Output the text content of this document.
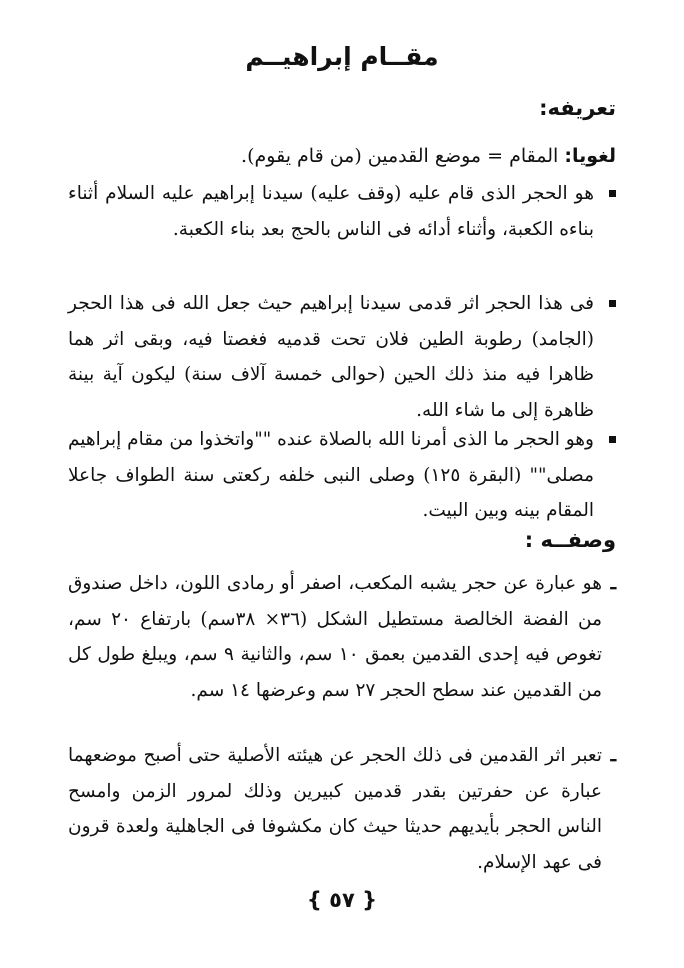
مقــام إبراهيــم
تعريفه:
لغويا: المقام = موضع القدمين (من قام يقوم).
هو الحجر الذى قام عليه (وقف عليه) سيدنا إبراهيم عليه السلام أثناء بناءه الكعبة، وأثناء أدائه فى الناس بالحج بعد بناء الكعبة.
فى هذا الحجر اثر قدمى سيدنا إبراهيم حيث جعل الله فى هذا الحجر (الجامد) رطوبة الطين فلان تحت قدميه فغصتا فيه، وبقى اثر هما ظاهرا فيه منذ ذلك الحين (حوالى خمسة آلاف سنة) ليكون آية بينة ظاهرة إلى ما شاء الله.
وهو الحجر ما الذى أمرنا الله بالصلاة عنده ""واتخذوا من مقام إبراهيم مصلى"" (البقرة ١٢٥) وصلى النبى خلفه ركعتى سنة الطواف جاعلا المقام بينه وبين البيت.
وصفــه :
ـ
هو عبارة عن حجر يشبه المكعب، اصفر أو رمادى اللون، داخل صندوق من الفضة الخالصة مستطيل الشكل (٣٦× ٣٨سم) بارتفاع ٢٠ سم، تغوص فيه إحدى القدمين بعمق ١٠ سم، والثانية ٩ سم، ويبلغ طول كل من القدمين عند سطح الحجر ٢٧ سم وعرضها ١٤ سم.
ـ
تعبر اثر القدمين فى ذلك الحجر عن هيئته الأصلية حتى أصبح موضعهما عبارة عن حفرتين بقدر قدمين كبيرين وذلك لمرور الزمن وامسح الناس الحجر بأيديهم حديثا حيث كان مكشوفا فى الجاهلية ولعدة قرون فى عهد الإسلام.
{ ٥٧ }
